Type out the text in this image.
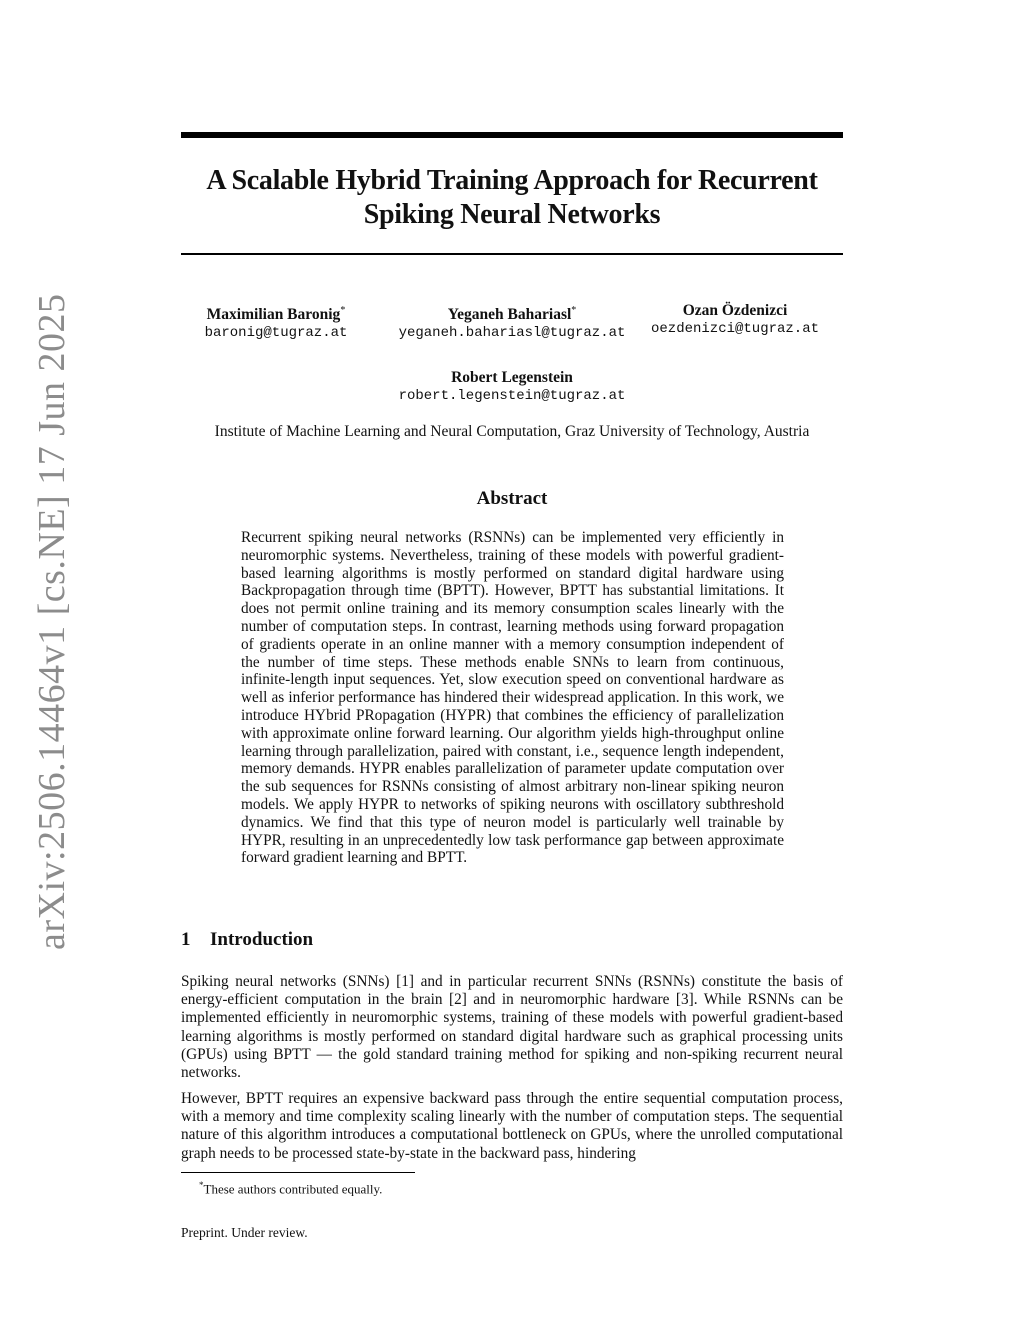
arXiv:2506.14464v1 [cs.NE] 17 Jun 2025
A Scalable Hybrid Training Approach for Recurrent Spiking Neural Networks
Maximilian Baronig*
baronig@tugraz.at
Yeganeh Bahariasl*
yeganeh.bahariasl@tugraz.at
Ozan Özdenizci
oezdenizci@tugraz.at
Robert Legenstein
robert.legenstein@tugraz.at
Institute of Machine Learning and Neural Computation, Graz University of Technology, Austria
Abstract

Recurrent spiking neural networks (RSNNs) can be implemented very efficiently in neuromorphic systems. Nevertheless, training of these models with powerful gradient-based learning algorithms is mostly performed on standard digital hardware using Backpropagation through time (BPTT). However, BPTT has substantial limitations. It does not permit online training and its memory consumption scales linearly with the number of computation steps. In contrast, learning methods using forward propagation of gradients operate in an online manner with a memory consumption independent of the number of time steps. These methods enable SNNs to learn from continuous, infinite-length input sequences. Yet, slow execution speed on conventional hardware as well as inferior performance has hindered their widespread application. In this work, we introduce HYbrid PRopagation (HYPR) that combines the efficiency of parallelization with approximate online forward learning. Our algorithm yields high-throughput online learning through parallelization, paired with constant, i.e., sequence length independent, memory demands. HYPR enables parallelization of parameter update computation over the sub sequences for RSNNs consisting of almost arbitrary non-linear spiking neuron models. We apply HYPR to networks of spiking neurons with oscillatory subthreshold dynamics. We find that this type of neuron model is particularly well trainable by HYPR, resulting in an unprecedentedly low task performance gap between approximate forward gradient learning and BPTT.

1 Introduction

Spiking neural networks (SNNs) [1] and in particular recurrent SNNs (RSNNs) constitute the basis of energy-efficient computation in the brain [2] and in neuromorphic hardware [3]. While RSNNs can be implemented efficiently in neuromorphic systems, training of these models with powerful gradient-based learning algorithms is mostly performed on standard digital hardware such as graphical processing units (GPUs) using BPTT — the gold standard training method for spiking and non-spiking recurrent neural networks.

However, BPTT requires an expensive backward pass through the entire sequential computation process, with a memory and time complexity scaling linearly with the number of computation steps. The sequential nature of this algorithm introduces a computational bottleneck on GPUs, where the unrolled computational graph needs to be processed state-by-state in the backward pass, hindering

*These authors contributed equally.
Preprint. Under review.
